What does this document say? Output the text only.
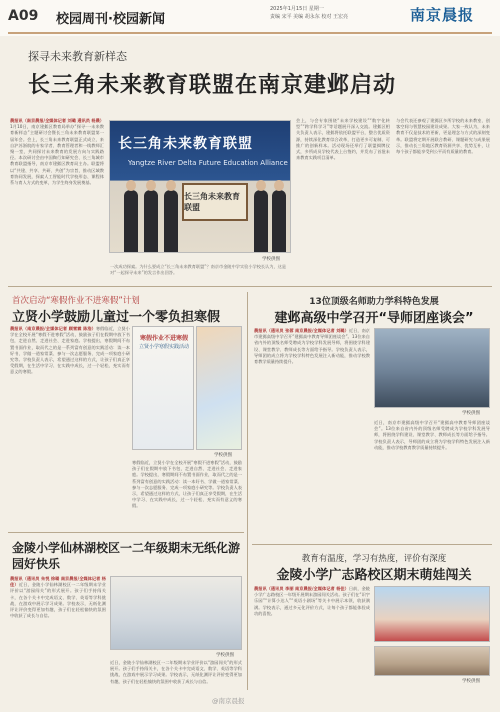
A09 校园周刊·校园新闻
2025年1月15日 星期一
责编 宋平 美编 胡永东 校对 王宏亮	南京晨报
探寻未来教育新样态
长三角未来教育联盟在南京建邺启动
晨报讯（南京晨报/全媒体记者 刘璐 通讯员 杨晨）1月10日，南京建邺区教育局举办“探寻·一未来教育新样态”主题研讨会暨长三角未来教育联盟第一届年会。会上，长三角未来教育联盟正式成立，来自沪苏浙皖的专家学者、教育管理者和一线教师汇聚一堂，共同探讨未来教育的发展方向与实践路径。本次研讨会由中国陶行知研究会、长三角城市教育联盟指导，南京市建邺区教育局主办。联盟将以“共建、共享、共研、共创”为宗旨，推动区域教育协同发展，探索人工智能时代学校形态、课程体系与育人方式的变革，为学生终身发展奠基。
长三角未来教育联盟
Yangtze River Delta Future Education Alliance
长三角未来教育联盟
学校供图
一次成功探索。为什么要成立“长三角未来教育联盟”？南京市金陵中学实验小学校长认为，这是对“一起探寻未来”的发言作出回答。
会上，与会专家围绕“未来学校建设”“数字化转型”“跨学科学习”等话题展开深入交流。建邺区相关负责人表示，建邺将依托联盟平台，整合优质资源，持续深化教育综合改革，打造更多可复制、可推广的创新样本。活动现场还举行了联盟揭牌仪式，多所成员学校代表上台签约，并发布了首批未来教育实践项目清单。
与会代表还参观了建邺区多所学校的未来教室、创客空间与智慧校园建设成果。大家一致认为，未来教育不仅是技术的更新，更是理念与方式的深刻变革。联盟将定期开展联合教研、课题研究与成果展示，推动长三角地区教育资源共享、优势互补，让每个孩子都能享受到公平而有质量的教育。
首次启动“寒假作业不进寒假”计划
立贤小学鼓励儿童过一个零负担寒假
晨报讯（南京晨报/全媒体记者 顾雪霖 陈浩）寒假临近，立贤小学在全校开展“寒假不进寒假”活动，鼓励孩子们在假期中放下书包，走进自然、走进社会、走进家庭。学校提出，寒假期间不布置书面作业，取而代之的是一系列富有创意的实践活动：读一本好书、学做一道家常菜、参与一次志愿服务、完成一项家庭小研究等。学校负责人表示，希望通过这样的方式，让孩子们真正享受假期，在生活中学习、在实践中成长，过一个轻松、充实而有意义的寒假。
寒假作业不进寒假
立贤小学寒假实践活动
学校供图
寒假临近，立贤小学在全校开展“寒假不进寒假”活动，鼓励孩子们在假期中放下书包，走进自然、走进社会、走进家庭。学校提出，寒假期间不布置书面作业，取而代之的是一系列富有创意的实践活动：读一本好书、学做一道家常菜、参与一次志愿服务、完成一项家庭小研究等。学校负责人表示，希望通过这样的方式，让孩子们真正享受假期，在生活中学习、在实践中成长，过一个轻松、充实而有意义的寒假。
金陵小学仙林湖校区一二年级期末无纸化游园好快乐
晨报讯（通讯员 朱悦 徐璐 南京晨报/全媒体记者 杨佳）近日，金陵小学仙林湖校区一二年级期末学业评价以“游园闯关”的形式展开。孩子们手持闯关卡，在各个关卡中完成语文、数学、英语等学科挑战，在游戏中展示学习成果。学校表示，无纸化测评让评价变得更加有趣，孩子们在轻松愉快的氛围中收获了成长与自信。
学校供图
近日，金陵小学仙林湖校区一二年级期末学业评价以“游园闯关”的形式展开。孩子们手持闯关卡，在各个关卡中完成语文、数学、英语等学科挑战，在游戏中展示学习成果。学校表示，无纸化测评让评价变得更加有趣，孩子们在轻松愉快的氛围中收获了成长与自信。
13位顶级名师助力学科特色发展
建邺高级中学召开“导师团座谈会”
晨报讯（通讯员 张蓉 南京晨报/全媒体记者 刘璐）近日，南京市建邺高级中学召开“建邺高中教育导师团座谈会”。13位来自省内外的顶级名师受聘成为学校学科发展导师，将围绕学科建设、课堂教学、教师成长等方面给予指导。学校负责人表示，导师团的成立将为学校学科特色发展注入新动能，推动学校教育教学质量持续提升。
学校供图
近日，南京市建邺高级中学召开“建邺高中教育导师团座谈会”。13位来自省内外的顶级名师受聘成为学校学科发展导师，将围绕学科建设、课堂教学、教师成长等方面给予指导。学校负责人表示，导师团的成立将为学校学科特色发展注入新动能，推动学校教育教学质量持续提升。
教育有温度，学习有热度，评价有深度
金陵小学广志路校区期末萌娃闯关
晨报讯（通讯员 李丽 南京晨报/全媒体记者 杨佳）日前，金陵小学广志路校区一年级开展期末游园闯关活动。孩子们在“识字乐园”“计算小达人”“英语小剧场”等关卡中展示本领，收获满满。学校表示，通过多元化评价方式，让每个孩子都能体验成功的喜悦。
学校供图
@南京晨报
